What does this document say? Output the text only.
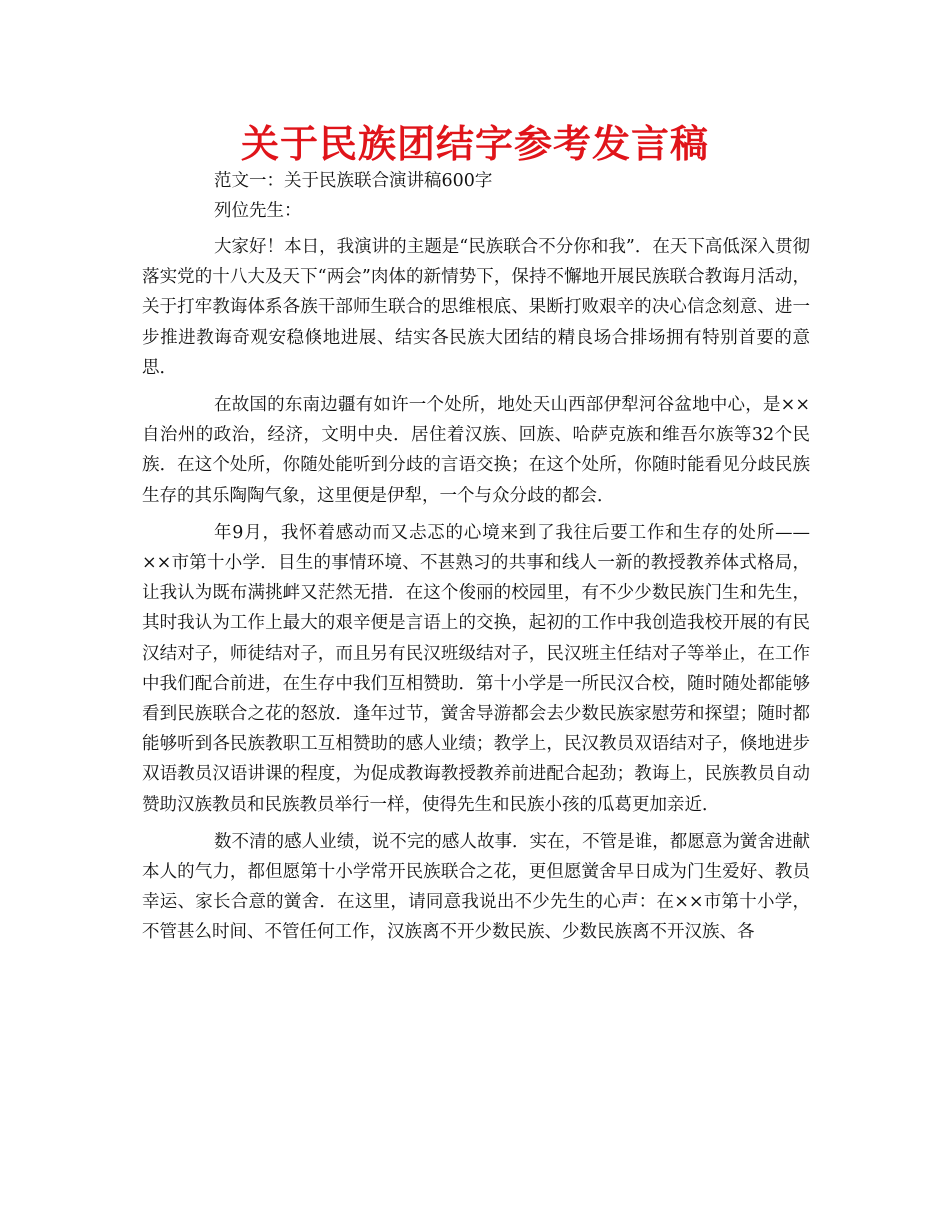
关于民族团结字参考发言稿

范文一：关于民族联合演讲稿600字

列位先生：

大家好！本日，我演讲的主题是“民族联合不分你和我”．在天下高低深入贯彻落实党的十八大及天下“两会”肉体的新情势下，保持不懈地开展民族联合教诲月活动，关于打牢教诲体系各族干部师生联合的思维根底、果断打败艰辛的决心信念刻意、进一步推进教诲奇观安稳倏地进展、结实各民族大团结的精良场合排场拥有特别首要的意思．

在故国的东南边疆有如许一个处所，地处天山西部伊犁河谷盆地中心，是××自治州的政治，经济，文明中央．居住着汉族、回族、哈萨克族和维吾尔族等32个民族．在这个处所，你随处能听到分歧的言语交换；在这个处所，你随时能看见分歧民族生存的其乐陶陶气象，这里便是伊犁，一个与众分歧的都会．

年9月，我怀着感动而又忐忑的心境来到了我往后要工作和生存的处所——××市第十小学．目生的事情环境、不甚熟习的共事和线人一新的教授教养体式格局，让我认为既布满挑衅又茫然无措．在这个俊丽的校园里，有不少少数民族门生和先生，其时我认为工作上最大的艰辛便是言语上的交换，起初的工作中我创造我校开展的有民汉结对子，师徒结对子，而且另有民汉班级结对子，民汉班主任结对子等举止，在工作中我们配合前进，在生存中我们互相赞助．第十小学是一所民汉合校，随时随处都能够看到民族联合之花的怒放．逢年过节，黉舍导游都会去少数民族家慰劳和探望；随时都能够听到各民族教职工互相赞助的感人业绩；教学上，民汉教员双语结对子，倏地进步双语教员汉语讲课的程度，为促成教诲教授教养前进配合起劲；教诲上，民族教员自动赞助汉族教员和民族教员举行一样，使得先生和民族小孩的瓜葛更加亲近．

数不清的感人业绩，说不完的感人故事．实在，不管是谁，都愿意为黉舍进献本人的气力，都但愿第十小学常开民族联合之花，更但愿黉舍早日成为门生爱好、教员幸运、家长合意的黉舍．在这里，请同意我说出不少先生的心声：在××市第十小学，不管甚么时间、不管任何工作，汉族离不开少数民族、少数民族离不开汉族、各
